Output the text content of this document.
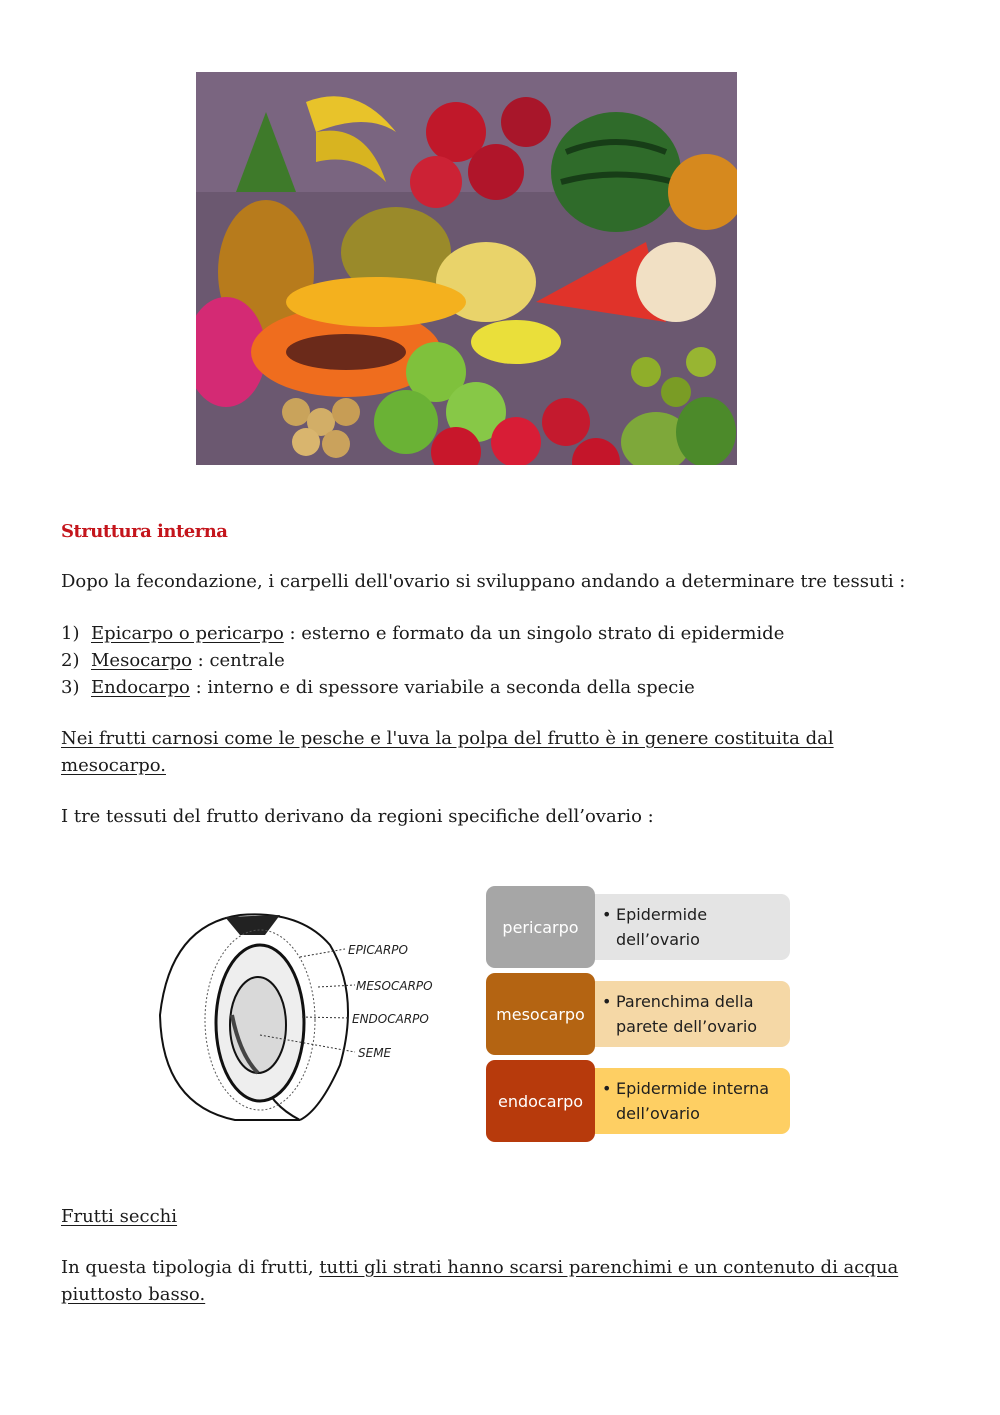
Struttura interna
Dopo la fecondazione, i carpelli dell'ovario si sviluppano andando a determinare tre tessuti :
1) Epicarpo o pericarpo : esterno e formato da un singolo strato di epidermide
2) Mesocarpo : centrale
3) Endocarpo : interno e di spessore variabile a seconda della specie
Nei frutti carnosi come le pesche e l'uva la polpa del frutto è in genere costituita dal
mesocarpo.
I tre tessuti del frutto derivano da regioni specifiche dell’ovario :
EPICARPO
MESOCARPO
ENDOCARPO
SEME
pericarpo
• Epidermide
dell’ovario
mesocarpo
• Parenchima della
parete dell’ovario
endocarpo
• Epidermide interna
dell’ovario
Frutti secchi
In questa tipologia di frutti, tutti gli strati hanno scarsi parenchimi e un contenuto di acqua
piuttosto basso.
